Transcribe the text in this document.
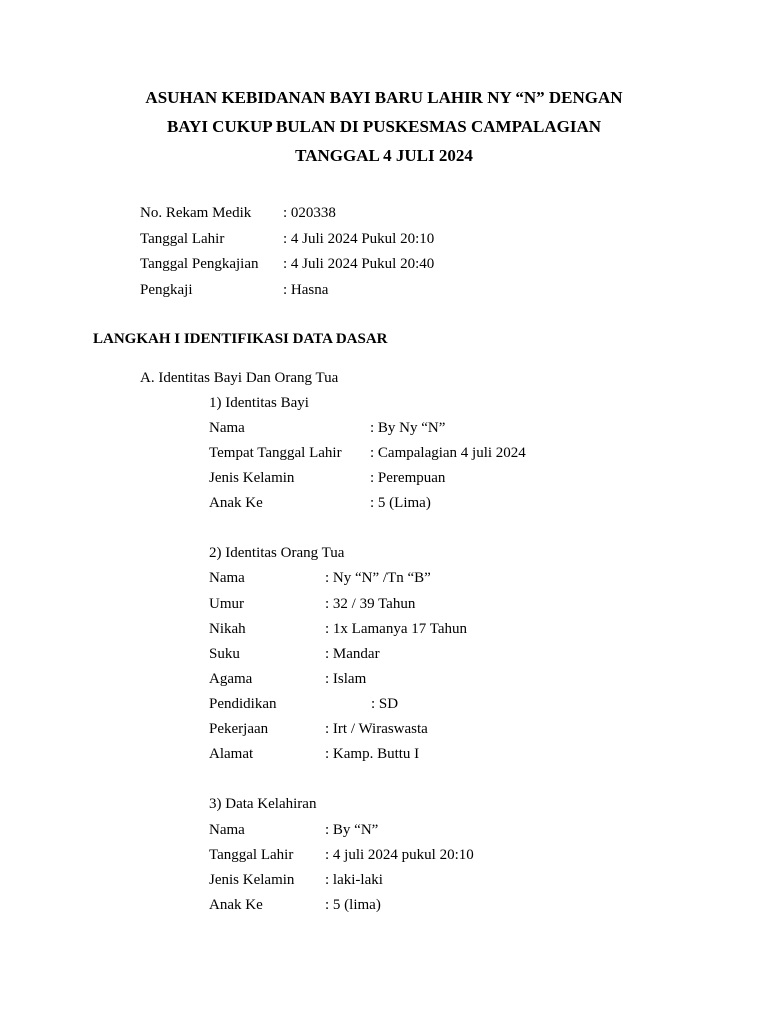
ASUHAN KEBIDANAN BAYI BARU LAHIR NY “N” DENGAN
BAYI CUKUP BULAN DI PUSKESMAS CAMPALAGIAN
TANGGAL 4 JULI 2024
No. Rekam Medik : 020338
Tanggal Lahir	: 4 Juli 2024 Pukul 20:10
Tanggal Pengkajian : 4 Juli 2024 Pukul 20:40
Pengkaji	: Hasna
LANGKAH I IDENTIFIKASI DATA DASAR
A. Identitas Bayi Dan Orang Tua
1) Identitas Bayi
Nama	: By Ny “N”
Tempat Tanggal Lahir : Campalagian 4 juli 2024
Jenis Kelamin	: Perempuan
Anak Ke	: 5 (Lima)
2) Identitas Orang Tua
Nama	: Ny “N” /Tn “B”
Umur	: 32 / 39 Tahun
Nikah	: 1x Lamanya 17 Tahun
Suku	: Mandar
Agama	: Islam
Pendidikan	: SD
Pekerjaan	: Irt / Wiraswasta
Alamat	: Kamp. Buttu I
3) Data Kelahiran
Nama	: By “N”
Tanggal Lahir : 4 juli 2024 pukul 20:10
Jenis Kelamin : laki-laki
Anak Ke	: 5 (lima)
